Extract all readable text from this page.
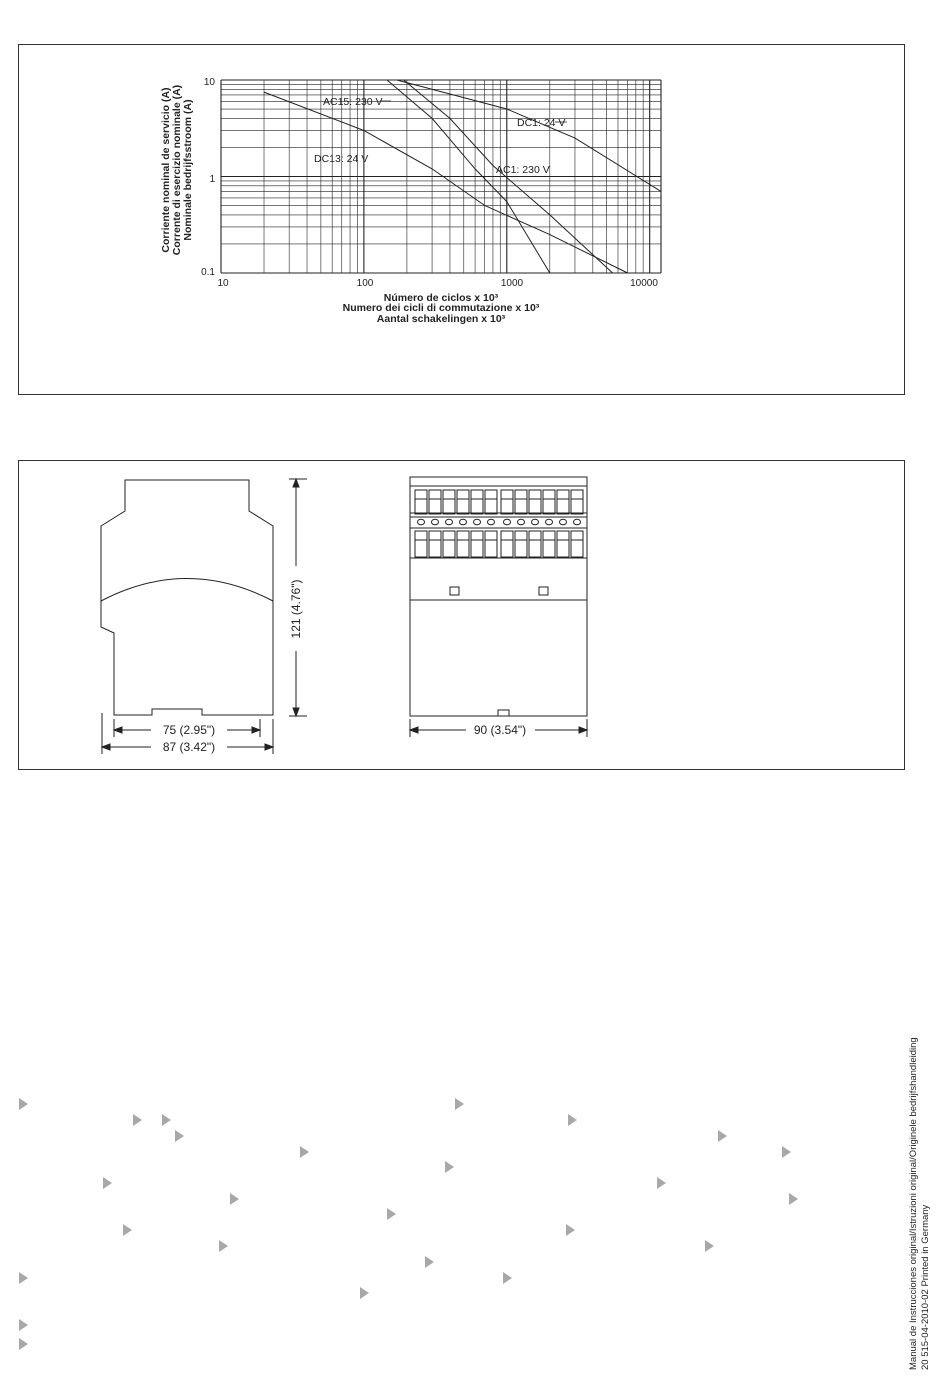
10
1
0.1
10	100	1000	10000
AC15: 230 V
DC1: 24 V
DC13: 24 V
AC1: 230 V
Corriente nominal de servicio (A) Corrente di esercizio nominale (A) Nominale bedrijfsstroom (A)
Número de ciclos x 10³
Numero dei cicli di commutazione x 10³
Aantal schakelingen x 10³
121 (4.76")
75 (2.95")
87 (3.42")
90 (3.54")
Manual de Instrucciones original/Istruzioni original/Originele bedrijfshandleiding 20 515-04-2010-02 Printed in Germany
